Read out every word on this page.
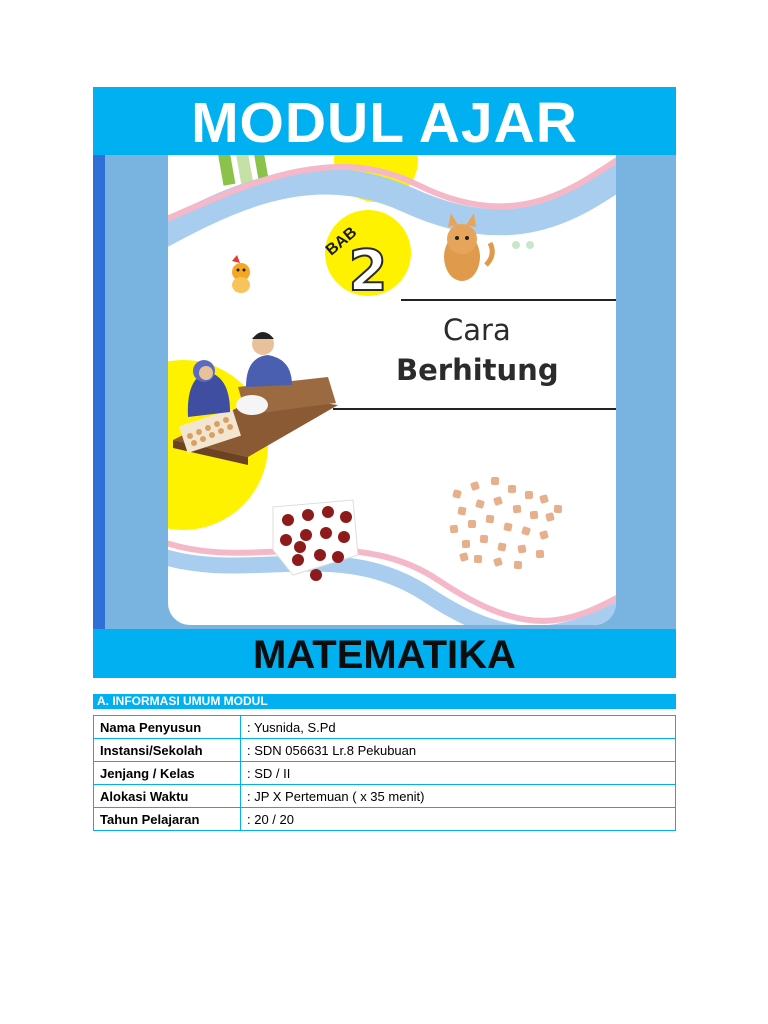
MODUL AJAR
BAB
2
Cara
Berhitung
MATEMATIKA
A. INFORMASI UMUM MODUL
Nama Penyusun	: Yusnida, S.Pd
Instansi/Sekolah	: SDN 056631 Lr.8 Pekubuan
Jenjang / Kelas	: SD / II
Alokasi Waktu	: JP X Pertemuan ( x 35 menit)
Tahun Pelajaran	: 20 / 20
